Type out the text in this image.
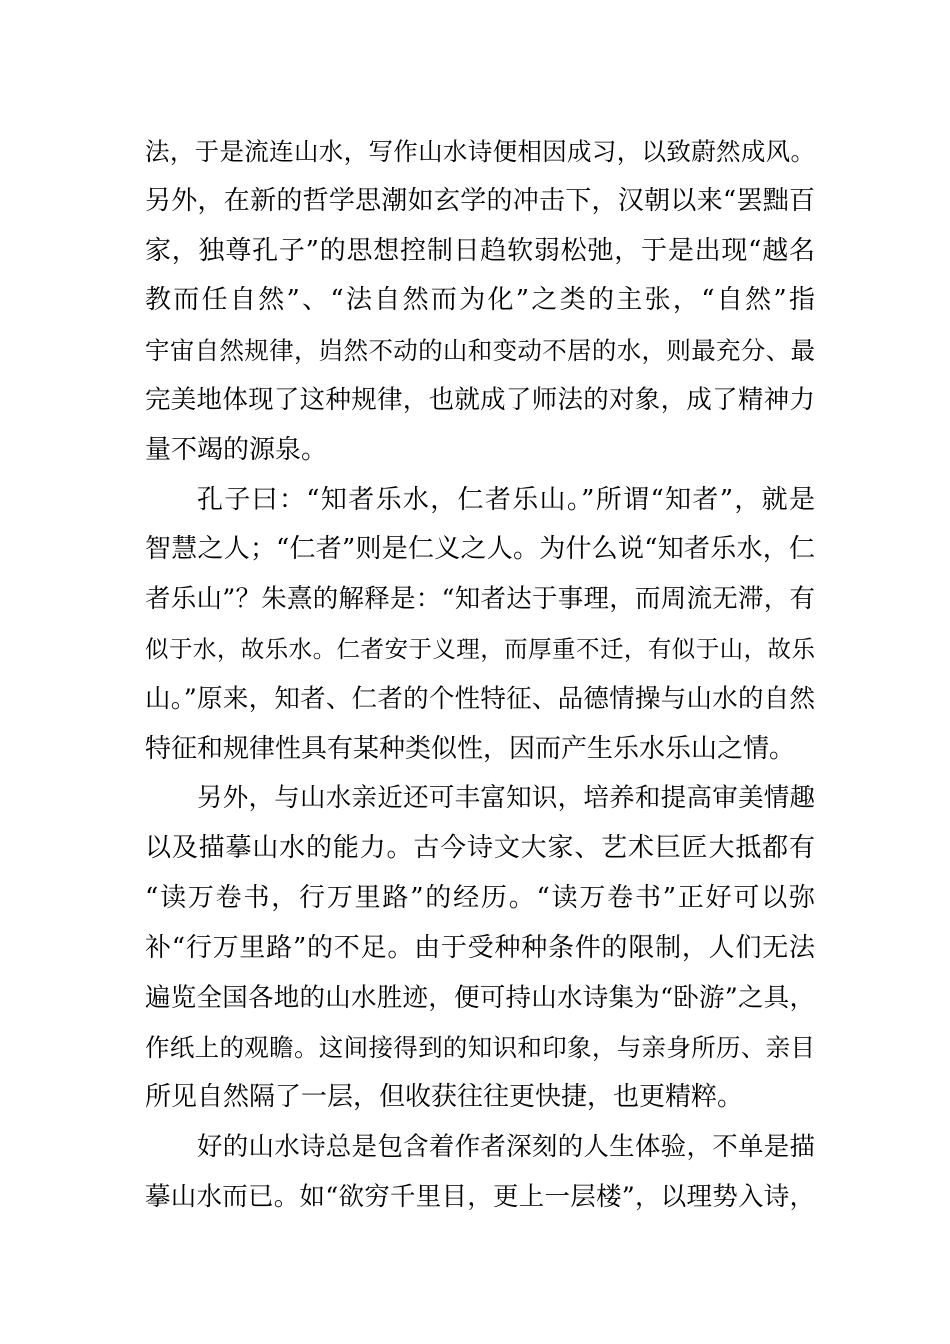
法，于是流连山水，写作山水诗便相因成习，以致蔚然成风。
另外，在新的哲学思潮如玄学的冲击下，汉朝以来“罢黜百
家，独尊孔子”的思想控制日趋软弱松弛，于是出现“越名
教而任自然”、“法自然而为化”之类的主张，“自然”指
宇宙自然规律，岿然不动的山和变动不居的水，则最充分、最
完美地体现了这种规律，也就成了师法的对象，成了精神力
量不竭的源泉。
孔子曰：“知者乐水，仁者乐山。”所谓“知者”，就是
智慧之人；“仁者”则是仁义之人。为什么说“知者乐水，仁
者乐山”？朱熹的解释是：“知者达于事理，而周流无滞，有
似于水，故乐水。仁者安于义理，而厚重不迁，有似于山，故乐
山。”原来，知者、仁者的个性特征、品德情操与山水的自然
特征和规律性具有某种类似性，因而产生乐水乐山之情。
另外，与山水亲近还可丰富知识，培养和提高审美情趣
以及描摹山水的能力。古今诗文大家、艺术巨匠大抵都有
“读万卷书，行万里路”的经历。“读万卷书”正好可以弥
补“行万里路”的不足。由于受种种条件的限制，人们无法
遍览全国各地的山水胜迹，便可持山水诗集为“卧游”之具，
作纸上的观瞻。这间接得到的知识和印象，与亲身所历、亲目
所见自然隔了一层，但收获往往更快捷，也更精粹。
好的山水诗总是包含着作者深刻的人生体验，不单是描
摹山水而已。如“欲穷千里目，更上一层楼”，以理势入诗，
